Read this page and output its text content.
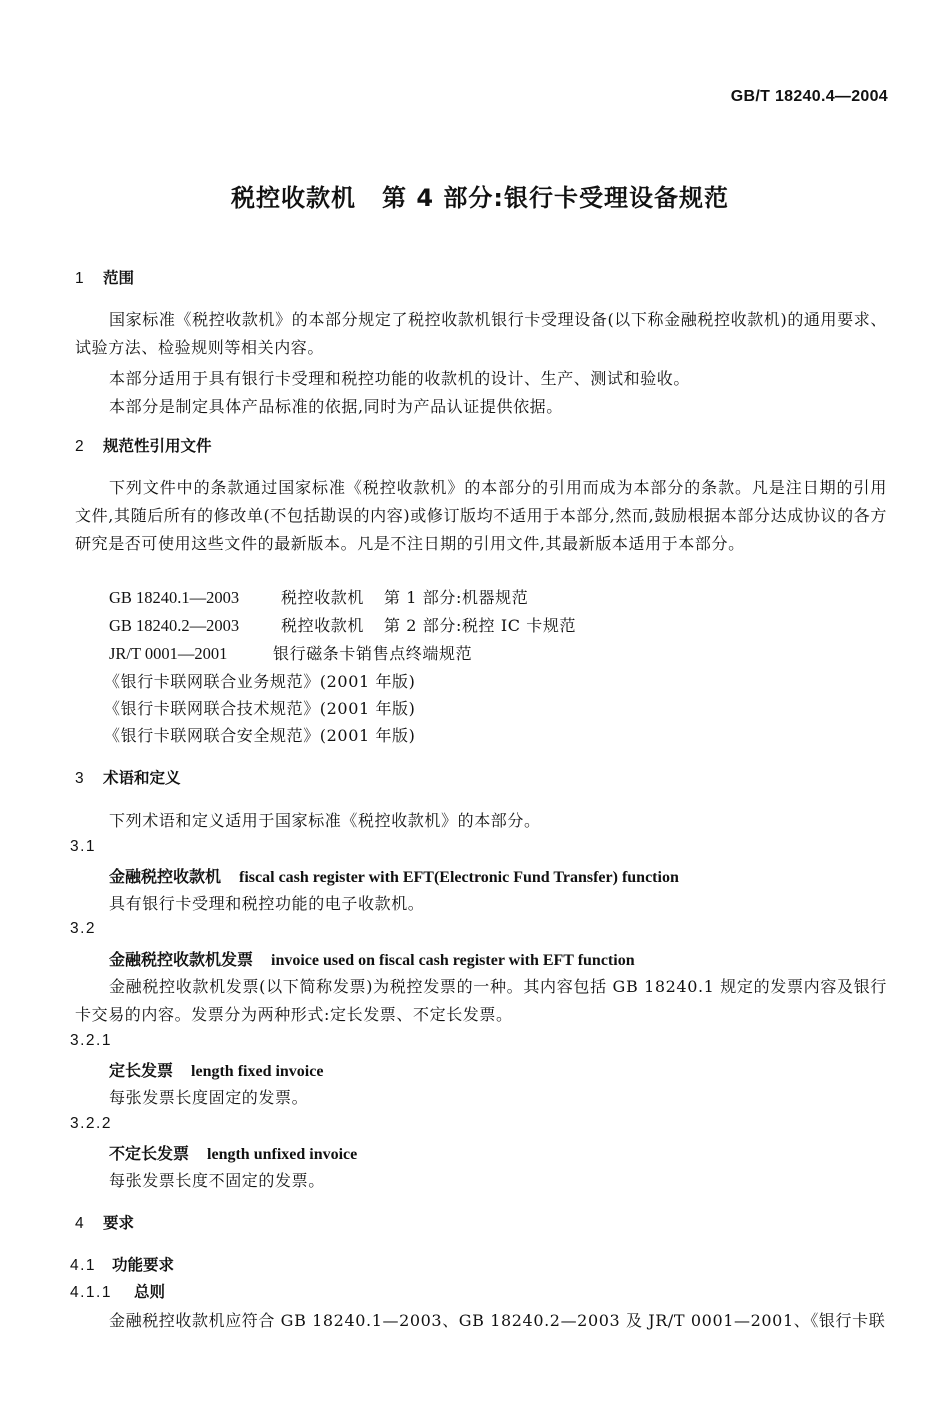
GB/T 18240.4—2004
税控收款机 第 4 部分:银行卡受理设备规范
1 范围
国家标准《税控收款机》的本部分规定了税控收款机银行卡受理设备(以下称金融税控收款机)的通用要求、试验方法、检验规则等相关内容。
本部分适用于具有银行卡受理和税控功能的收款机的设计、生产、测试和验收。
本部分是制定具体产品标准的依据,同时为产品认证提供依据。
2 规范性引用文件
下列文件中的条款通过国家标准《税控收款机》的本部分的引用而成为本部分的条款。凡是注日期的引用文件,其随后所有的修改单(不包括勘误的内容)或修订版均不适用于本部分,然而,鼓励根据本部分达成协议的各方研究是否可使用这些文件的最新版本。凡是不注日期的引用文件,其最新版本适用于本部分。
GB 18240.1—2003	税控收款机 第 1 部分:机器规范
GB 18240.2—2003	税控收款机 第 2 部分:税控 IC 卡规范
JR/T 0001—2001	银行磁条卡销售点终端规范
《银行卡联网联合业务规范》(2001 年版)
《银行卡联网联合技术规范》(2001 年版)
《银行卡联网联合安全规范》(2001 年版)
3 术语和定义
下列术语和定义适用于国家标准《税控收款机》的本部分。
3.1
金融税控收款机 fiscal cash register with EFT(Electronic Fund Transfer) function
具有银行卡受理和税控功能的电子收款机。
3.2
金融税控收款机发票 invoice used on fiscal cash register with EFT function
金融税控收款机发票(以下简称发票)为税控发票的一种。其内容包括 GB 18240.1 规定的发票内容及银行卡交易的内容。发票分为两种形式:定长发票、不定长发票。
3.2.1
定长发票 length fixed invoice
每张发票长度固定的发票。
3.2.2
不定长发票 length unfixed invoice
每张发票长度不固定的发票。
4 要求
4.1 功能要求
4.1.1 总则
金融税控收款机应符合 GB 18240.1—2003、GB 18240.2—2003 及 JR/T 0001—2001、《银行卡联
